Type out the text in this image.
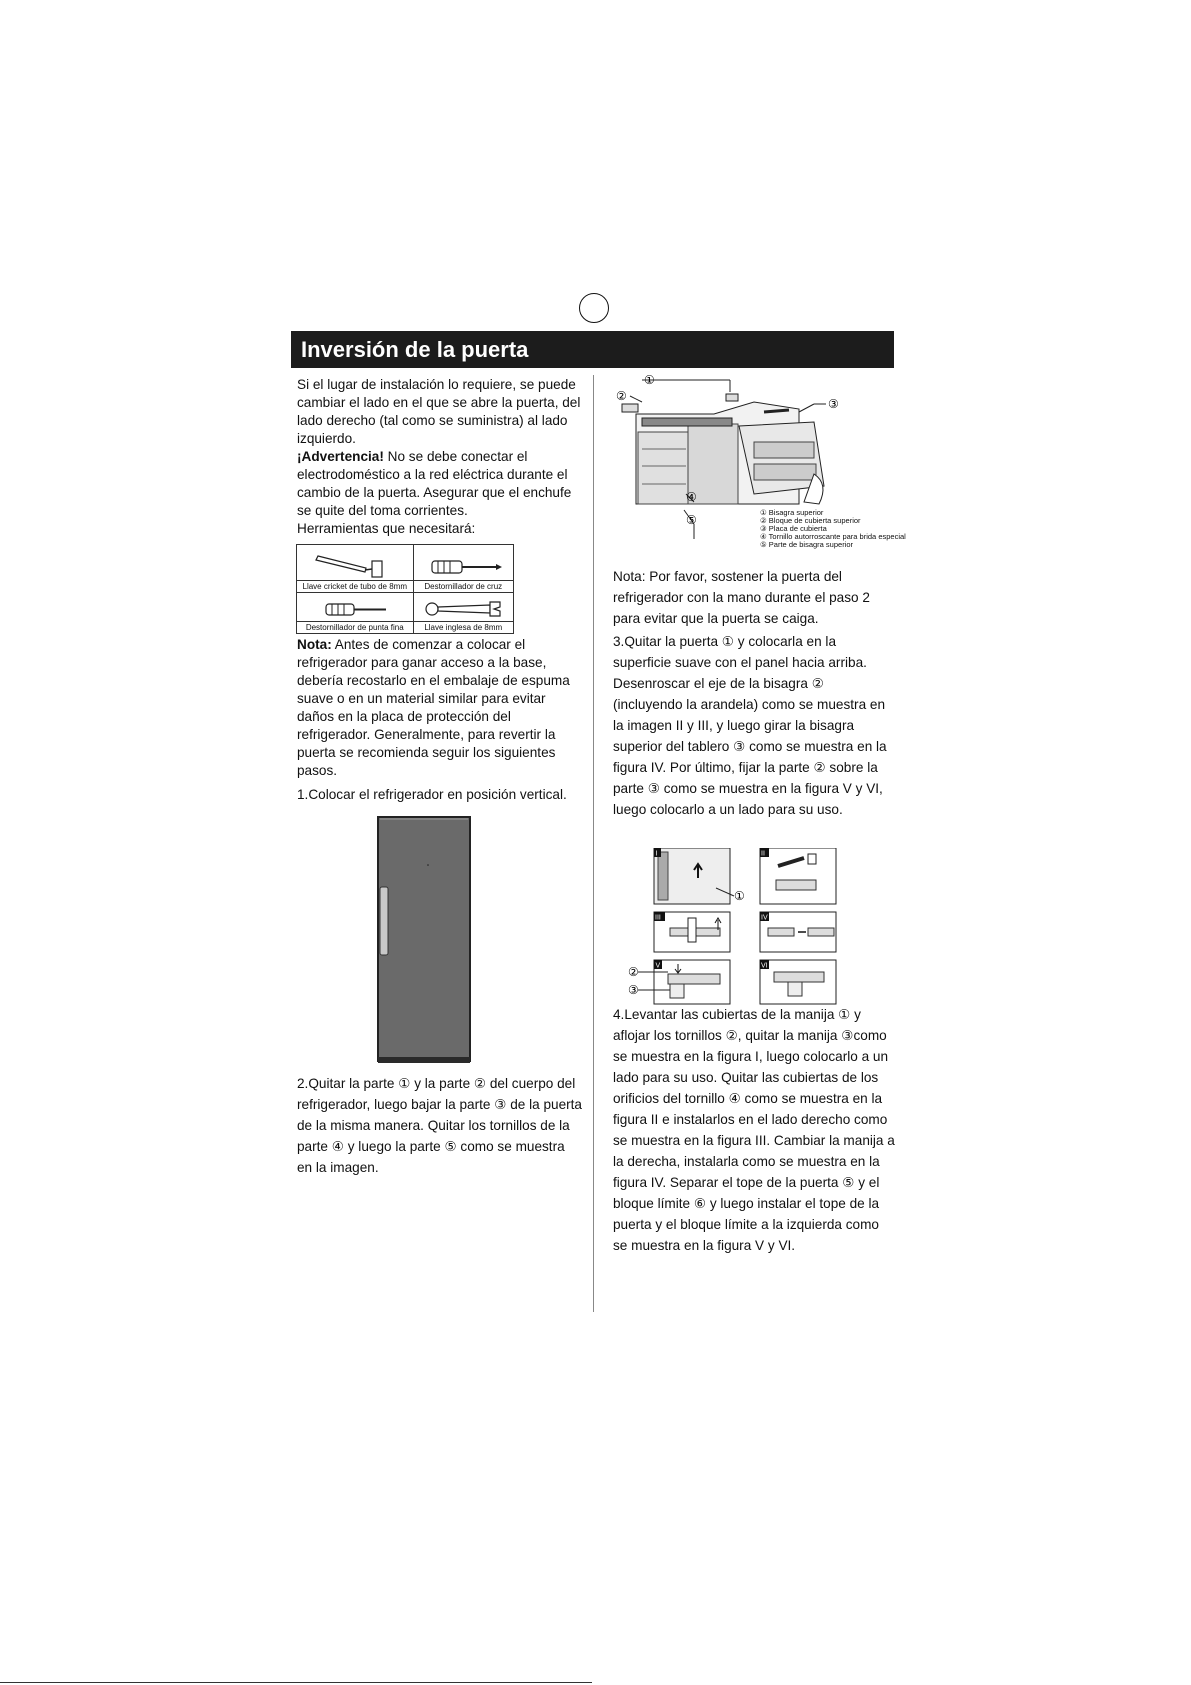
Inversión de la puerta

Si el lugar de instalación lo requiere, se puede cambiar el lado en el que se abre la puerta, del lado derecho (tal como se suministra) al lado izquierdo.

¡Advertencia! No se debe conectar el electrodoméstico a la red eléctrica durante el cambio de la puerta. Asegurar que el enchufe se quite del toma corrientes.

Herramientas que necesitará:

Llave cricket de tubo de 8mm	Destornillador de cruz

Destornillador de punta fina	Llave inglesa de 8mm

Nota: Antes de comenzar a colocar el refrigerador para ganar acceso a la base, debería recostarlo en el embalaje de espuma suave o en un material similar para evitar daños en la placa de protección del refrigerador. Generalmente, para revertir la puerta se recomienda seguir los siguientes pasos.

1.Colocar el refrigerador en posición vertical.

2.Quitar la parte ① y la parte ② del cuerpo del refrigerador, luego bajar la parte ③ de la puerta de la misma manera. Quitar los tornillos de la parte ④ y luego la parte ⑤ como se muestra en la imagen.
①
②
③
④
⑤
① Bisagra superior
② Bloque de cubierta superior
③ Placa de cubierta
④ Tornillo autorroscante para brida especial
⑤ Parte de bisagra superior
Nota: Por favor, sostener la puerta del refrigerador con la mano durante el paso 2 para evitar que la puerta se caiga.
3.Quitar la puerta ① y colocarla en la superficie suave con el panel hacia arriba. Desenroscar el eje de la bisagra ② (incluyendo la arandela) como se muestra en la imagen II y III, y luego girar la bisagra superior del tablero ③ como se muestra en la figura IV. Por último, fijar la parte ② sobre la parte ③ como se muestra en la figura V y VI, luego colocarlo a un lado para su uso.
①
I	II
III	IV
②
③
V	VI
4.Levantar las cubiertas de la manija ① y aflojar los tornillos ②, quitar la manija ③como se muestra en la figura I, luego colocarlo a un lado para su uso. Quitar las cubiertas de los orificios del tornillo ④ como se muestra en la figura II e instalarlos en el lado derecho como se muestra en la figura III. Cambiar la manija a la derecha, instalarla como se muestra en la figura IV. Separar el tope de la puerta ⑤ y el bloque límite ⑥ y luego instalar el tope de la puerta y el bloque límite a la izquierda como se muestra en la figura V y VI.
